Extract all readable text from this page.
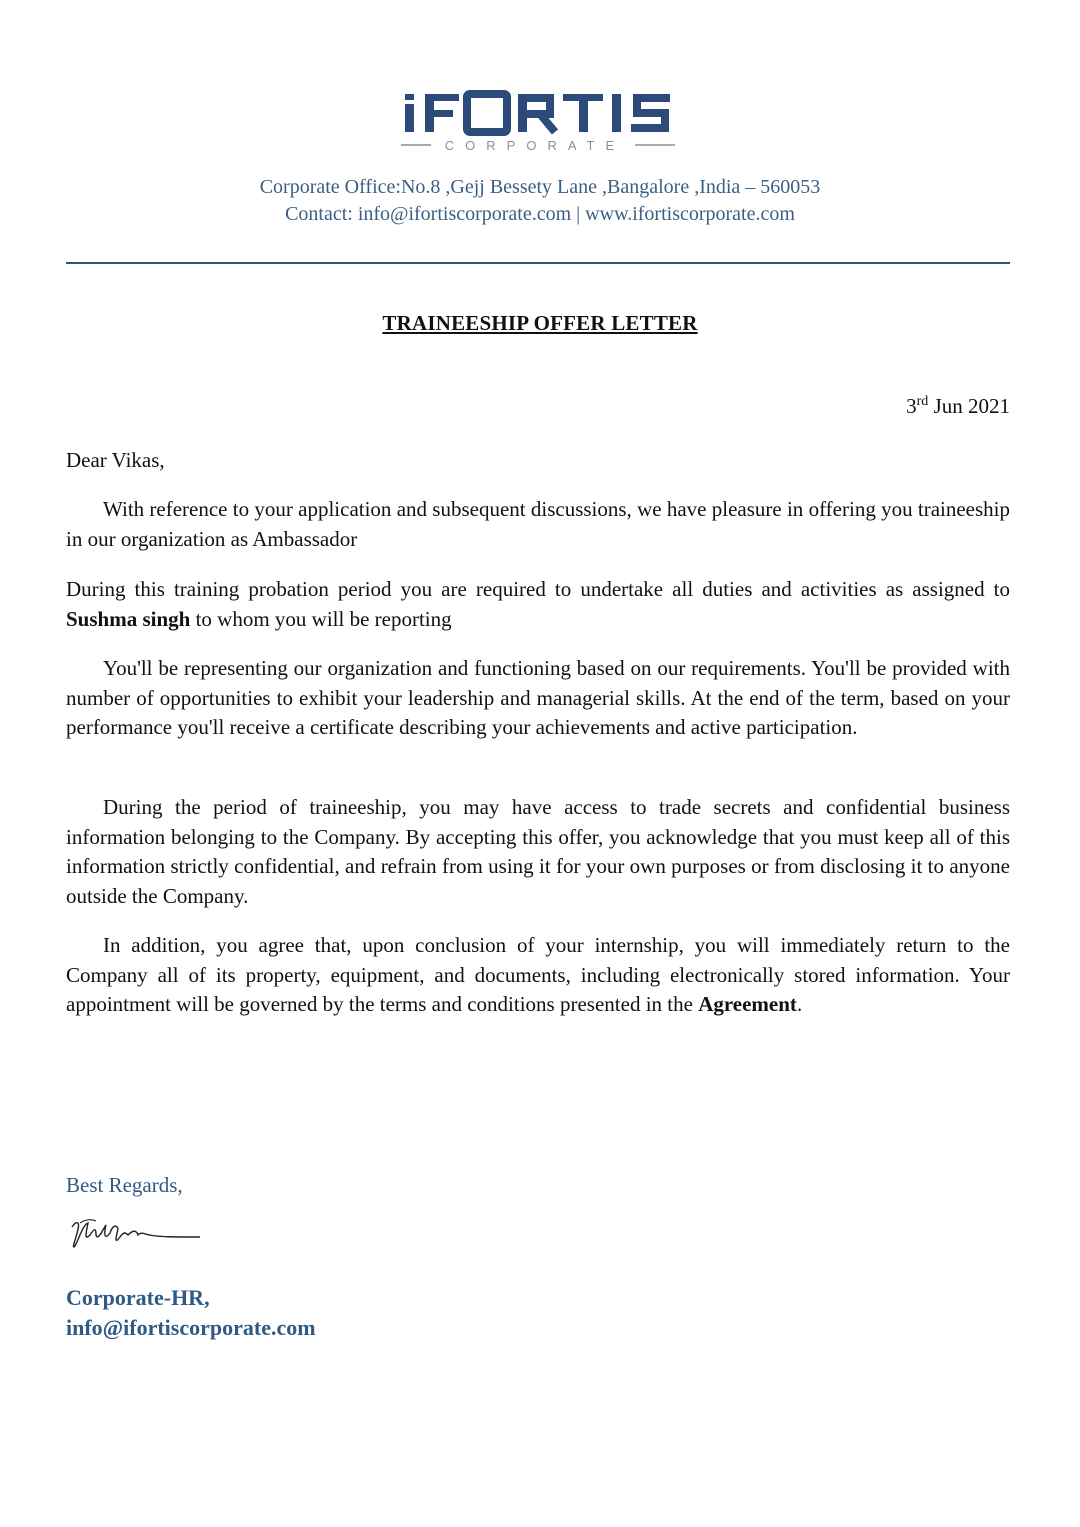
CORPORATE
Corporate Office:No.8 ,Gejj Bessety Lane ,Bangalore ,India – 560053
Contact: info@ifortiscorporate.com | www.ifortiscorporate.com
TRAINEESHIP OFFER LETTER
3rd Jun 2021
Dear Vikas,
With reference to your application and subsequent discussions, we have pleasure in offering you traineeship in our organization as Ambassador
During this training probation period you are required to undertake all duties and activities as assigned to Sushma singh to whom you will be reporting
You'll be representing our organization and functioning based on our requirements. You'll be provided with number of opportunities to exhibit your leadership and managerial skills. At the end of the term, based on your performance you'll receive a certificate describing your achievements and active participation.
During the period of traineeship, you may have access to trade secrets and confidential business information belonging to the Company. By accepting this offer, you acknowledge that you must keep all of this information strictly confidential, and refrain from using it for your own purposes or from disclosing it to anyone outside the Company.
In addition, you agree that, upon conclusion of your internship, you will immediately return to the Company all of its property, equipment, and documents, including electronically stored information. Your appointment will be governed by the terms and conditions presented in the Agreement.
Best Regards,
Corporate-HR,
info@ifortiscorporate.com
